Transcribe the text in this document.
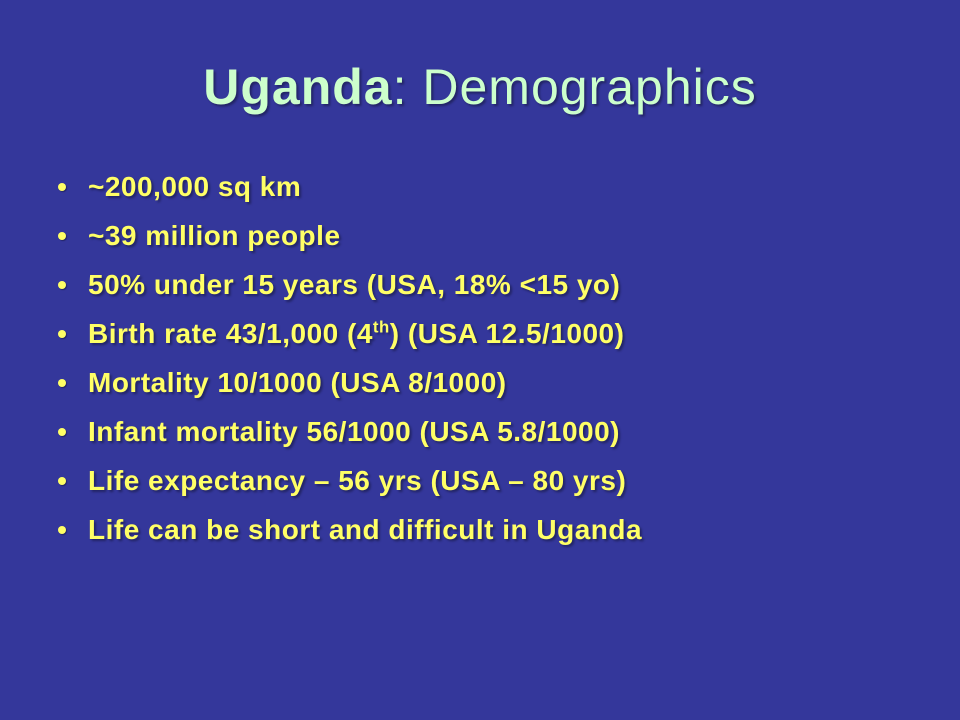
Uganda: Demographics
~200,000 sq km
~39 million people
50% under 15 years (USA, 18% <15 yo)
Birth rate 43/1,000 (4th) (USA 12.5/1000)
Mortality 10/1000 (USA 8/1000)
Infant mortality 56/1000 (USA 5.8/1000)
Life expectancy – 56 yrs (USA – 80 yrs)
Life can be short and difficult in Uganda
